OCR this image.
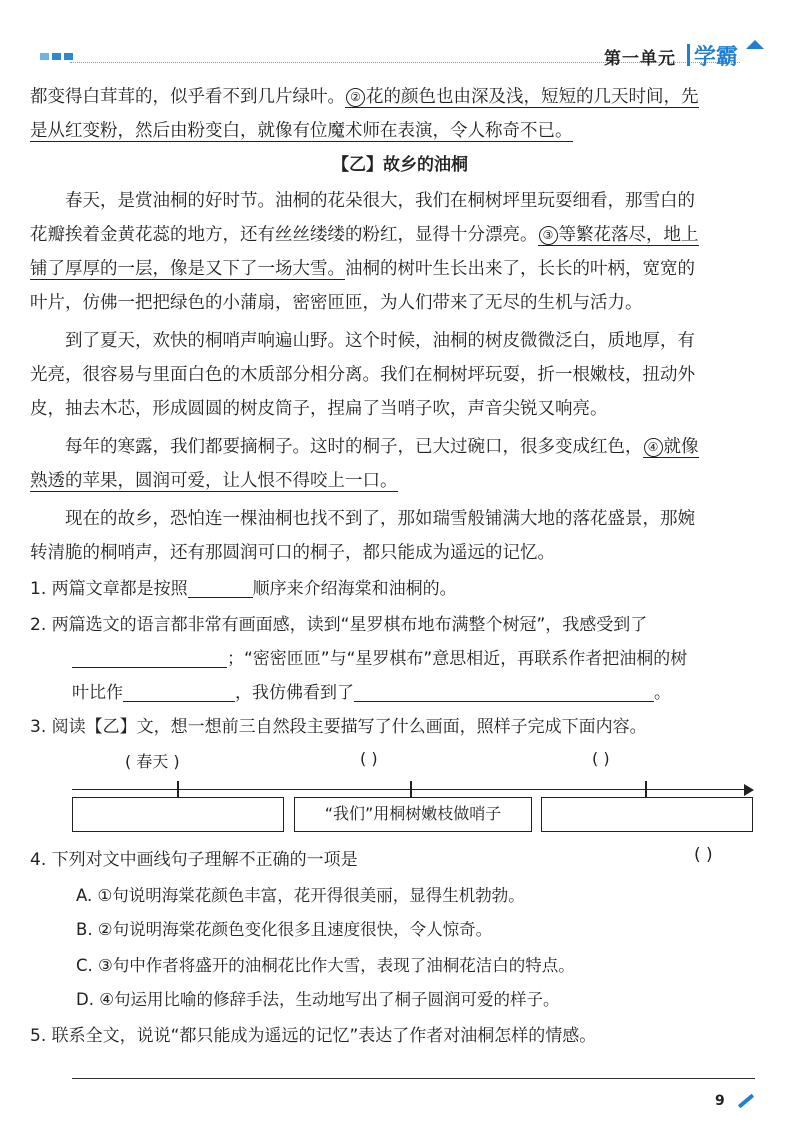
第一单元 学霸
都变得白茸茸的，似乎看不到几片绿叶。 ② 花的颜色也由深及浅，短短的几天时间，先
是从红变粉，然后由粉变白，就像有位魔术师在表演，令人称奇不已。
【乙】故乡的油桐
春天，是赏油桐的好时节。油桐的花朵很大，我们在桐树坪里玩耍细看，那雪白的
花瓣挨着金黄花蕊的地方，还有丝丝缕缕的粉红，显得十分漂亮。 ③ 等繁花落尽，地上
铺了厚厚的一层，像是又下了一场大雪。油桐的树叶生长出来了，长长的叶柄，宽宽的
叶片，仿佛一把把绿色的小蒲扇，密密匝匝，为人们带来了无尽的生机与活力。
到了夏天，欢快的桐哨声响遍山野。这个时候，油桐的树皮微微泛白，质地厚，有
光亮，很容易与里面白色的木质部分相分离。我们在桐树坪玩耍，折一根嫩枝，扭动外
皮，抽去木芯，形成圆圆的树皮筒子，捏扁了当哨子吹，声音尖锐又响亮。
每年的寒露，我们都要摘桐子。这时的桐子，已大过碗口，很多变成红色， ④ 就像
熟透的苹果，圆润可爱，让人恨不得咬上一口。
现在的故乡，恐怕连一棵油桐也找不到了，那如瑞雪般铺满大地的落花盛景，那婉
转清脆的桐哨声，还有那圆润可口的桐子，都只能成为遥远的记忆。
1. 两篇文章都是按照	顺序来介绍海棠和油桐的。
2. 两篇选文的语言都非常有画面感，读到“星罗棋布地布满整个树冠”，我感受到了
；“密密匝匝”与“星罗棋布”意思相近，再联系作者把油桐的树
叶比作	，我仿佛看到了	。
3. 阅读【乙】文，想一想前三自然段主要描写了什么画面，照样子完成下面内容。
( 春天 )	( )	( )
“我们”用桐树嫩枝做哨子
4. 下列对文中画线句子理解不正确的一项是	( )
A. ①句说明海棠花颜色丰富，花开得很美丽，显得生机勃勃。
B. ②句说明海棠花颜色变化很多且速度很快，令人惊奇。
C. ③句中作者将盛开的油桐花比作大雪，表现了油桐花洁白的特点。
D. ④句运用比喻的修辞手法，生动地写出了桐子圆润可爱的样子。
5. 联系全文，说说“都只能成为遥远的记忆”表达了作者对油桐怎样的情感。
9
